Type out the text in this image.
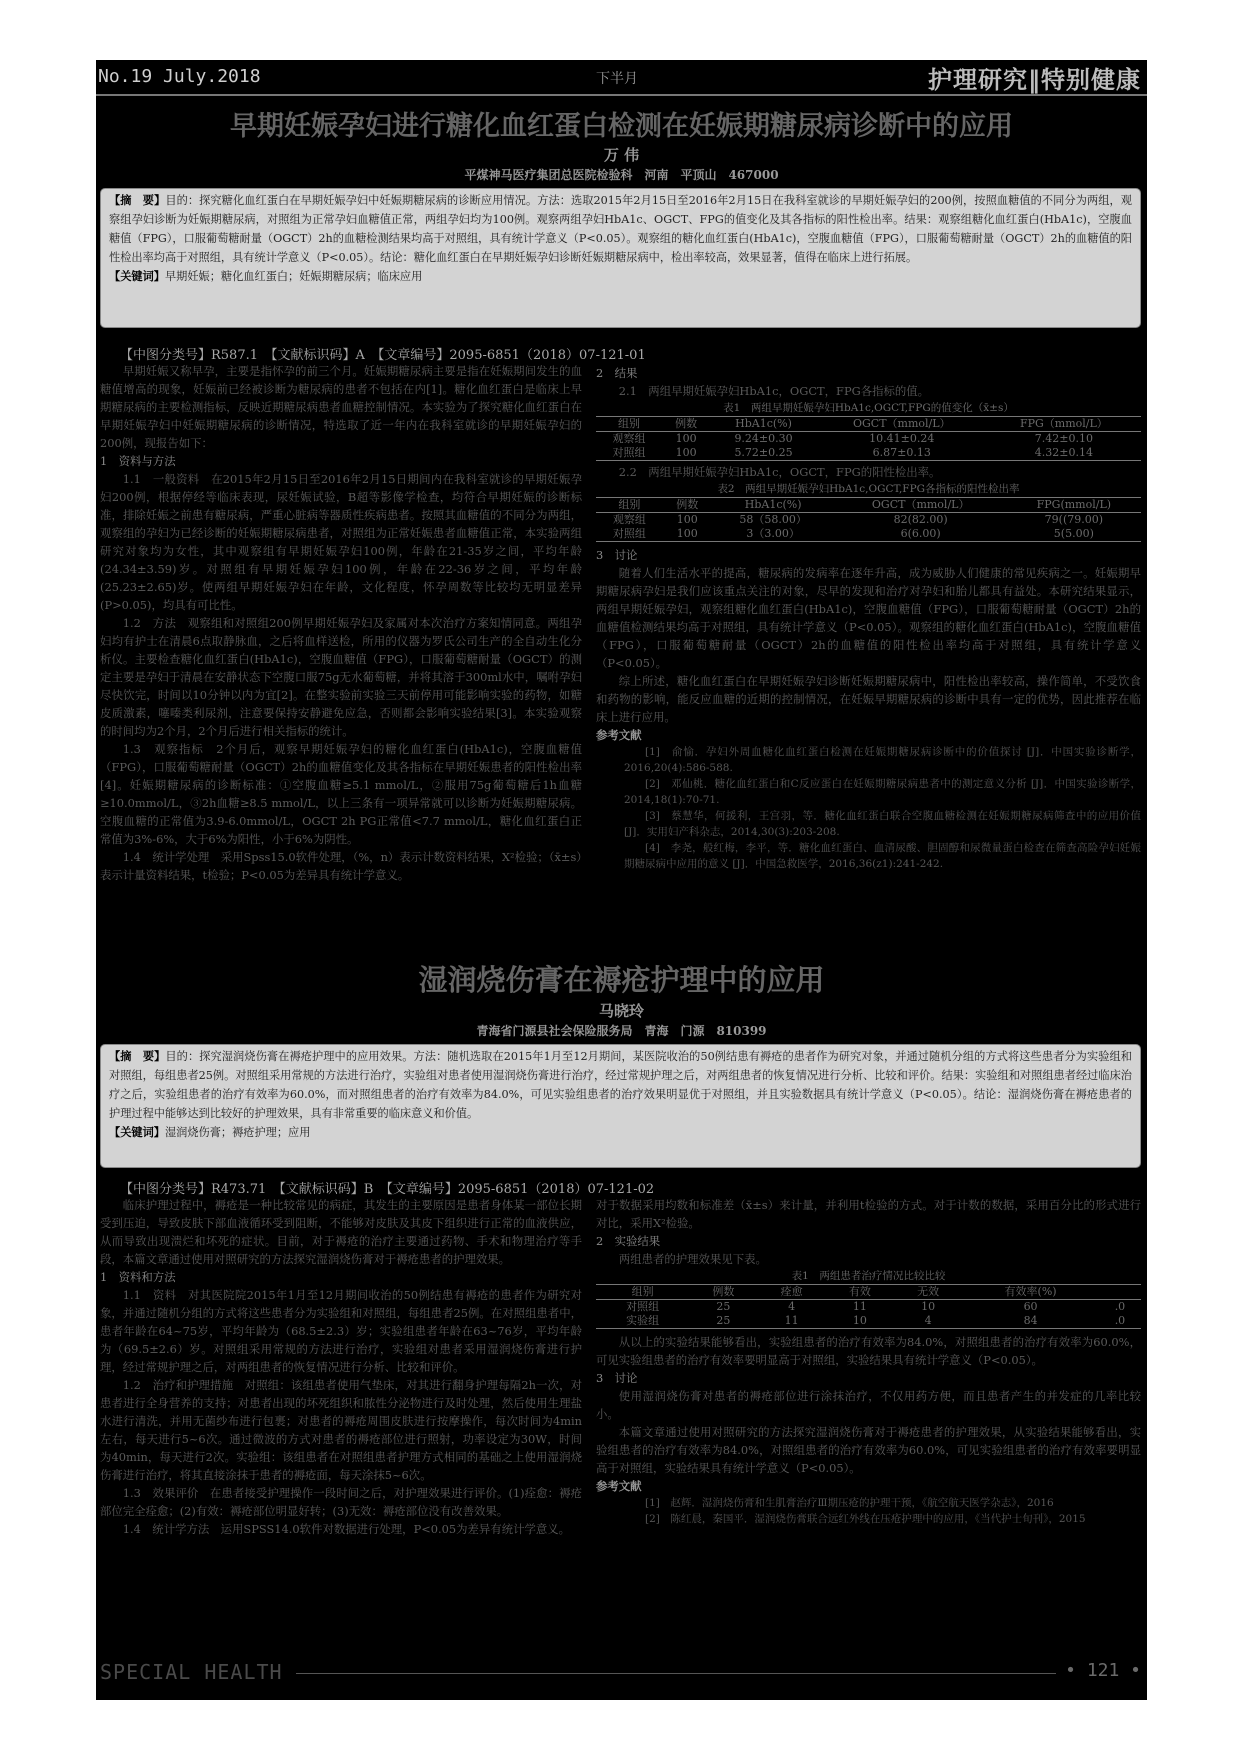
No.19 July.2018	下半月	护理研究‖特别健康
早期妊娠孕妇进行糖化血红蛋白检测在妊娠期糖尿病诊断中的应用
万 伟
平煤神马医疗集团总医院检验科　河南　平顶山　467000
【摘　要】目的：探究糖化血红蛋白在早期妊娠孕妇中妊娠期糖尿病的诊断应用情况。方法：选取2015年2月15日至2016年2月15日在我科室就诊的早期妊娠孕妇的200例，按照血糖值的不同分为两组，观察组孕妇诊断为妊娠期糖尿病，对照组为正常孕妇血糖值正常，两组孕妇均为100例。观察两组孕妇HbA1c、OGCT、FPG的值变化及其各指标的阳性检出率。结果：观察组糖化血红蛋白(HbA1c)，空腹血糖值（FPG），口服葡萄糖耐量（OGCT）2h的血糖检测结果均高于对照组，具有统计学意义（P<0.05）。观察组的糖化血红蛋白(HbA1c)，空腹血糖值（FPG），口服葡萄糖耐量（OGCT）2h的血糖值的阳性检出率均高于对照组，具有统计学意义（P<0.05）。结论：糖化血红蛋白在早期妊娠孕妇诊断妊娠期糖尿病中，检出率较高，效果显著，值得在临床上进行拓展。
【关键词】早期妊娠；糖化血红蛋白；妊娠期糖尿病；临床应用
【中图分类号】R587.1　【文献标识码】A　【文章编号】2095-6851（2018）07-121-01

早期妊娠又称早孕，主要是指怀孕的前三个月。妊娠期糖尿病主要是指在妊娠期间发生的血糖值增高的现象，妊娠前已经被诊断为糖尿病的患者不包括在内[1]。糖化血红蛋白是临床上早期糖尿病的主要检测指标，反映近期糖尿病患者血糖控制情况。本实验为了探究糖化血红蛋白在早期妊娠孕妇中妊娠期糖尿病的诊断情况，特选取了近一年内在我科室就诊的早期妊娠孕妇的200例，现报告如下：

1　资料与方法

1.1　一般资料　在2015年2月15日至2016年2月15日期间内在我科室就诊的早期妊娠孕妇200例，根据停经等临床表现，尿妊娠试验，B超等影像学检查，均符合早期妊娠的诊断标准，排除妊娠之前患有糖尿病，严重心脏病等器质性疾病患者。按照其血糖值的不同分为两组，观察组的孕妇为已经诊断的妊娠期糖尿病患者，对照组为正常妊娠患者血糖值正常，本实验两组研究对象均为女性，其中观察组有早期妊娠孕妇100例，年龄在21-35岁之间，平均年龄(24.34±3.59)岁。对照组有早期妊娠孕妇100例，年龄在22-36岁之间，平均年龄(25.23±2.65)岁。使两组早期妊娠孕妇在年龄，文化程度，怀孕周数等比较均无明显差异(P>0.05)，均具有可比性。

1.2　方法　观察组和对照组200例早期妊娠孕妇及家属对本次治疗方案知情同意。两组孕妇均有护士在清晨6点取静脉血，之后将血样送检，所用的仪器为罗氏公司生产的全自动生化分析仪。主要检查糖化血红蛋白(HbA1c)，空腹血糖值（FPG），口服葡萄糖耐量（OGCT）的测定主要是孕妇于清晨在安静状态下空腹口服75g无水葡萄糖，并将其溶于300ml水中，嘱咐孕妇尽快饮完，时间以10分钟以内为宜[2]。在整实验前实验三天前停用可能影响实验的药物，如糖皮质激素，噻嗪类利尿剂，注意要保持安静避免应急，否则都会影响实验结果[3]。本实验观察的时间均为2个月，2个月后进行相关指标的统计。

1.3　观察指标　2个月后，观察早期妊娠孕妇的糖化血红蛋白(HbA1c)，空腹血糖值（FPG），口服葡萄糖耐量（OGCT）2h的血糖值变化及其各指标在早期妊娠患者的阳性检出率[4]。妊娠期糖尿病的诊断标准：①空腹血糖≥5.1 mmol/L，②服用75g葡萄糖后1h血糖≥10.0mmol/L，③2h血糖≥8.5 mmol/L，以上三条有一项异常就可以诊断为妊娠期糖尿病。空腹血糖的正常值为3.9-6.0mmol/L，OGCT 2h PG正常值<7.7 mmol/L，糖化血红蛋白正常值为3%-6%，大于6%为阳性，小于6%为阴性。

1.4　统计学处理　采用Spss15.0软件处理，（%，n）表示计数资料结果，X²检验；（x̄±s）表示计量资料结果，t检验；P<0.05为差异具有统计学意义。

2　结果

2.1　两组早期妊娠孕妇HbA1c，OGCT，FPG各指标的值。

表1　两组早期妊娠孕妇HbA1c,OGCT,FPG的值变化（x̄±s）
组别	例数	HbA1c(%)	OGCT（mmol/L）	FPG（mmol/L）
观察组	100	9.24±0.30	10.41±0.24	7.42±0.10
对照组	100	5.72±0.25	6.87±0.13	4.32±0.14

2.2　两组早期妊娠孕妇HbA1c，OGCT，FPG的阳性检出率。

表2　两组早期妊娠孕妇HbA1c,OGCT,FPG各指标的阳性检出率
组别	例数	HbA1c(%)	OGCT（mmol/L）	FPG(mmol/L)
观察组	100	58（58.00）	82(82.00)	79((79.00)
对照组	100	3（3.00）	6(6.00)	5(5.00)

3　讨论

随着人们生活水平的提高，糖尿病的发病率在逐年升高，成为威胁人们健康的常见疾病之一。妊娠期早期糖尿病孕妇是我们应该重点关注的对象，尽早的发现和治疗对孕妇和胎儿都具有益处。本研究结果显示，两组早期妊娠孕妇，观察组糖化血红蛋白(HbA1c)，空腹血糖值（FPG），口服葡萄糖耐量（OGCT）2h的血糖值检测结果均高于对照组，具有统计学意义（P<0.05）。观察组的糖化血红蛋白(HbA1c)，空腹血糖值（FPG），口服葡萄糖耐量（OGCT）2h的血糖值的阳性检出率均高于对照组，具有统计学意义（P<0.05）。

综上所述，糖化血红蛋白在早期妊娠孕妇诊断妊娠期糖尿病中，阳性检出率较高，操作简单，不受饮食和药物的影响，能反应血糖的近期的控制情况，在妊娠早期糖尿病的诊断中具有一定的优势，因此推荐在临床上进行应用。

参考文献

[1]　俞愉．孕妇外周血糖化血红蛋白检测在妊娠期糖尿病诊断中的价值探讨 [J]．中国实验诊断学，2016,20(4):586-588.

[2]　邓仙桃．糖化血红蛋白和C反应蛋白在妊娠期糖尿病患者中的测定意义分析 [J]．中国实验诊断学，2014,18(1):70-71.

[3]　蔡慧华，何援利，王宫羽，等．糖化血红蛋白联合空腹血糖检测在妊娠期糖尿病筛查中的应用价值 [J]．实用妇产科杂志，2014,30(3):203-208.

[4]　李尧，般红梅，李平，等．糖化血红蛋白、血清尿酸、胆固醇和尿微量蛋白检查在筛查高险孕妇妊娠期糖尿病中应用的意义 [J]．中国急救医学，2016,36(z1):241-242.

湿润烧伤膏在褥疮护理中的应用
马晓玲
青海省门源县社会保险服务局　青海　门源　810399
【摘　要】目的：探究湿润烧伤膏在褥疮护理中的应用效果。方法：随机选取在2015年1月至12月期间，某医院收治的50例结患有褥疮的患者作为研究对象，并通过随机分组的方式将这些患者分为实验组和对照组，每组患者25例。对照组采用常规的方法进行治疗，实验组对患者使用湿润烧伤膏进行治疗，经过常规护理之后，对两组患者的恢复情况进行分析、比较和评价。结果：实验组和对照组患者经过临床治疗之后，实验组患者的治疗有效率为60.0%，而对照组患者的治疗有效率为84.0%，可见实验组患者的治疗效果明显优于对照组，并且实验数据具有统计学意义（P<0.05）。结论：湿润烧伤膏在褥疮患者的护理过程中能够达到比较好的护理效果，具有非常重要的临床意义和价值。
【关键词】湿润烧伤膏；褥疮护理；应用
【中图分类号】R473.71　【文献标识码】B　【文章编号】2095-6851（2018）07-121-02

临床护理过程中，褥疮是一种比较常见的病症，其发生的主要原因是患者身体某一部位长期受到压迫，导致皮肤下部血液循环受到阻断，不能够对皮肤及其皮下组织进行正常的血液供应，从而导致出现溃烂和坏死的症状。目前，对于褥疮的治疗主要通过药物、手术和物理治疗等手段，本篇文章通过使用对照研究的方法探究湿润烧伤膏对于褥疮患者的护理效果。

1　资料和方法

1.1　资料　对其医院院2015年1月至12月期间收治的50例结患有褥疮的患者作为研究对象，并通过随机分组的方式将这些患者分为实验组和对照组，每组患者25例。在对照组患者中，患者年龄在64~75岁，平均年龄为（68.5±2.3）岁；实验组患者年龄在63~76岁，平均年龄为（69.5±2.6）岁。对照组采用常规的方法进行治疗，实验组对患者采用湿润烧伤膏进行护理，经过常规护理之后，对两组患者的恢复情况进行分析、比较和评价。

1.2　治疗和护理措施　对照组：该组患者使用气垫床，对其进行翻身护理每隔2h一次，对患者进行全身营养的支持；对患者出现的坏死组织和脓性分泌物进行及时处理，然后使用生理盐水进行清洗，并用无菌纱布进行包裹；对患者的褥疮周围皮肤进行按摩操作，每次时间为4min左右，每天进行5~6次。通过微波的方式对患者的褥疮部位进行照射，功率设定为30W，时间为40min，每天进行2次。实验组：该组患者在对照组患者护理方式相同的基础之上使用湿润烧伤膏进行治疗，将其直接涂抹于患者的褥疮面，每天涂抹5~6次。

1.3　效果评价　在患者接受护理操作一段时间之后，对护理效果进行评价。(1)痊愈：褥疮部位完全痊愈；(2)有效：褥疮部位明显好转；(3)无效：褥疮部位没有改善效果。

1.4　统计学方法　运用SPSS14.0软件对数据进行处理，P<0.05为差异有统计学意义。

对于数据采用均数和标准差（x̄±s）来计量，并利用t检验的方式。对于计数的数据，采用百分比的形式进行对比，采用X²检验。

2　实验结果

两组患者的护理效果见下表。

表1　两组患者治疗情况比较比较
组别	例数	痊愈	有效	无效	有效率(%)	
对照组	25	4	11	10	60	.0
实验组	25	11	10	4	84	.0

从以上的实验结果能够看出，实验组患者的治疗有效率为84.0%，对照组患者的治疗有效率为60.0%，可见实验组患者的治疗有效率要明显高于对照组，实验结果具有统计学意义（P<0.05）。

3　讨论

使用湿润烧伤膏对患者的褥疮部位进行涂抹治疗，不仅用药方便，而且患者产生的并发症的几率比较小。

本篇文章通过使用对照研究的方法探究湿润烧伤膏对于褥疮患者的护理效果，从实验结果能够看出，实验组患者的治疗有效率为84.0%，对照组患者的治疗有效率为60.0%，可见实验组患者的治疗有效率要明显高于对照组，实验结果具有统计学意义（P<0.05）。

参考文献

[1]　赵辉．湿润烧伤膏和生肌膏治疗Ⅲ期压疮的护理干预，《航空航天医学杂志》，2016

[2]　陈红晨，秦国平．湿润烧伤膏联合远红外线在压疮护理中的应用，《当代护士旬刊》，2015

SPECIAL HEALTH	• 121 •
